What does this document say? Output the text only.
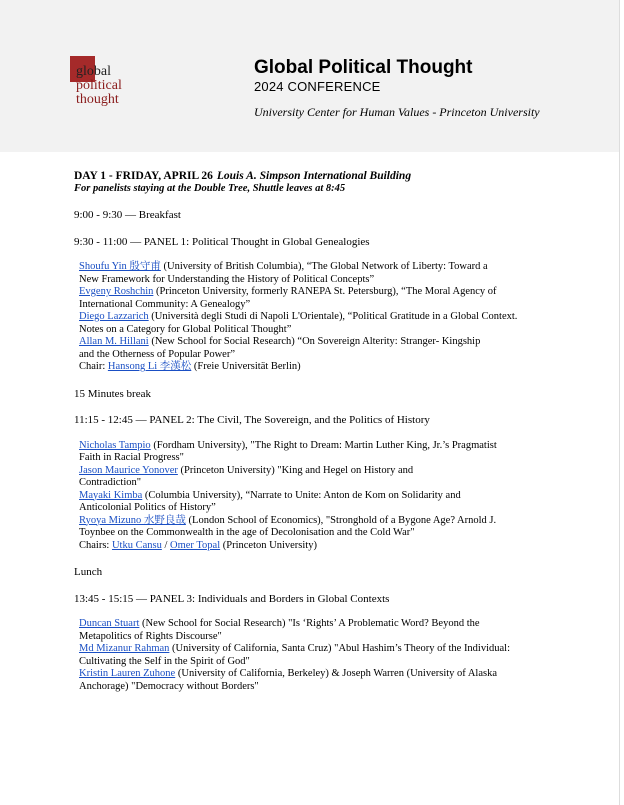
global
political
thought
Global Political Thought
2024 CONFERENCE
University Center for Human Values - Princeton University
DAY 1 - FRIDAY, APRIL 26 Louis A. Simpson International Building
For panelists staying at the Double Tree, Shuttle leaves at 8:45
9:00 - 9:30 — Breakfast
9:30 - 11:00 — PANEL 1: Political Thought in Global Genealogies
Shoufu Yin 殷守甫 (University of British Columbia), “The Global Network of Liberty: Toward a
New Framework for Understanding the History of Political Concepts”
Evgeny Roshchin (Princeton University, formerly RANEPA St. Petersburg), “The Moral Agency of
International Community: A Genealogy”
Diego Lazzarich (Università degli Studi di Napoli L'Orientale), “Political Gratitude in a Global Context.
Notes on a Category for Global Political Thought”
Allan M. Hillani (New School for Social Research) “On Sovereign Alterity: Stranger- Kingship
and the Otherness of Popular Power”
Chair: Hansong Li 李漢松 (Freie Universität Berlin)
15 Minutes break
11:15 - 12:45 — PANEL 2: The Civil, The Sovereign, and the Politics of History
Nicholas Tampio (Fordham University), "The Right to Dream: Martin Luther King, Jr.’s Pragmatist
Faith in Racial Progress"
Jason Maurice Yonover (Princeton University) "King and Hegel on History and
Contradiction"
Mayaki Kimba (Columbia University), “Narrate to Unite: Anton de Kom on Solidarity and
Anticolonial Politics of History”
Ryoya Mizuno 水野良哉 (London School of Economics), "Stronghold of a Bygone Age? Arnold J.
Toynbee on the Commonwealth in the age of Decolonisation and the Cold War"
Chairs: Utku Cansu / Omer Topal (Princeton University)
Lunch
13:45 - 15:15 — PANEL 3: Individuals and Borders in Global Contexts
Duncan Stuart (New School for Social Research) "Is ‘Rights’ A Problematic Word? Beyond the
Metapolitics of Rights Discourse"
Md Mizanur Rahman (University of California, Santa Cruz) "Abul Hashim’s Theory of the Individual:
Cultivating the Self in the Spirit of God"
Kristin Lauren Zuhone (University of California, Berkeley) & Joseph Warren (University of Alaska
Anchorage) "Democracy without Borders"
